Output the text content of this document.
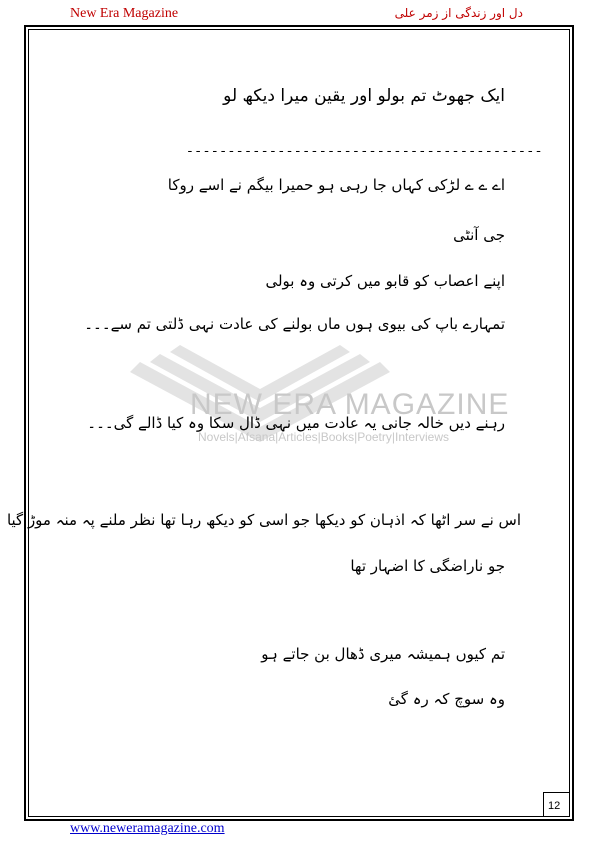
New Era Magazine	دل اور زندگی از زمر علی
NEW ERA MAGAZINE
Novels|Afsana|Articles|Books|Poetry|Interviews
ایک جھوٹ تم بولو اور یقین میرا دیکھ لو
-------------------------------------------
اے ے ے لڑکی کہاں جا رہی ہو حمیرا بیگم نے اسے روکا
جی آنٹی
اپنے اعصاب کو قابو میں کرتی وہ بولی
تمہارے باپ کی بیوی ہوں ماں بولنے کی عادت نہی ڈلتی تم سے۔۔۔
رہنے دیں خالہ جانی یہ عادت میں نہی ڈال سکا وہ کیا ڈالے گی۔۔۔
اس نے سر اٹھا کہ اذہان کو دیکھا جو اسی کو دیکھ رہا تھا نظر ملنے پہ منہ موڑ گیا
جو ناراضگی کا اضہار تھا
تم کیوں ہمیشہ میری ڈھال بن جاتے ہو
وہ سوچ کہ رہ گئ
12
www.neweramagazine.com
